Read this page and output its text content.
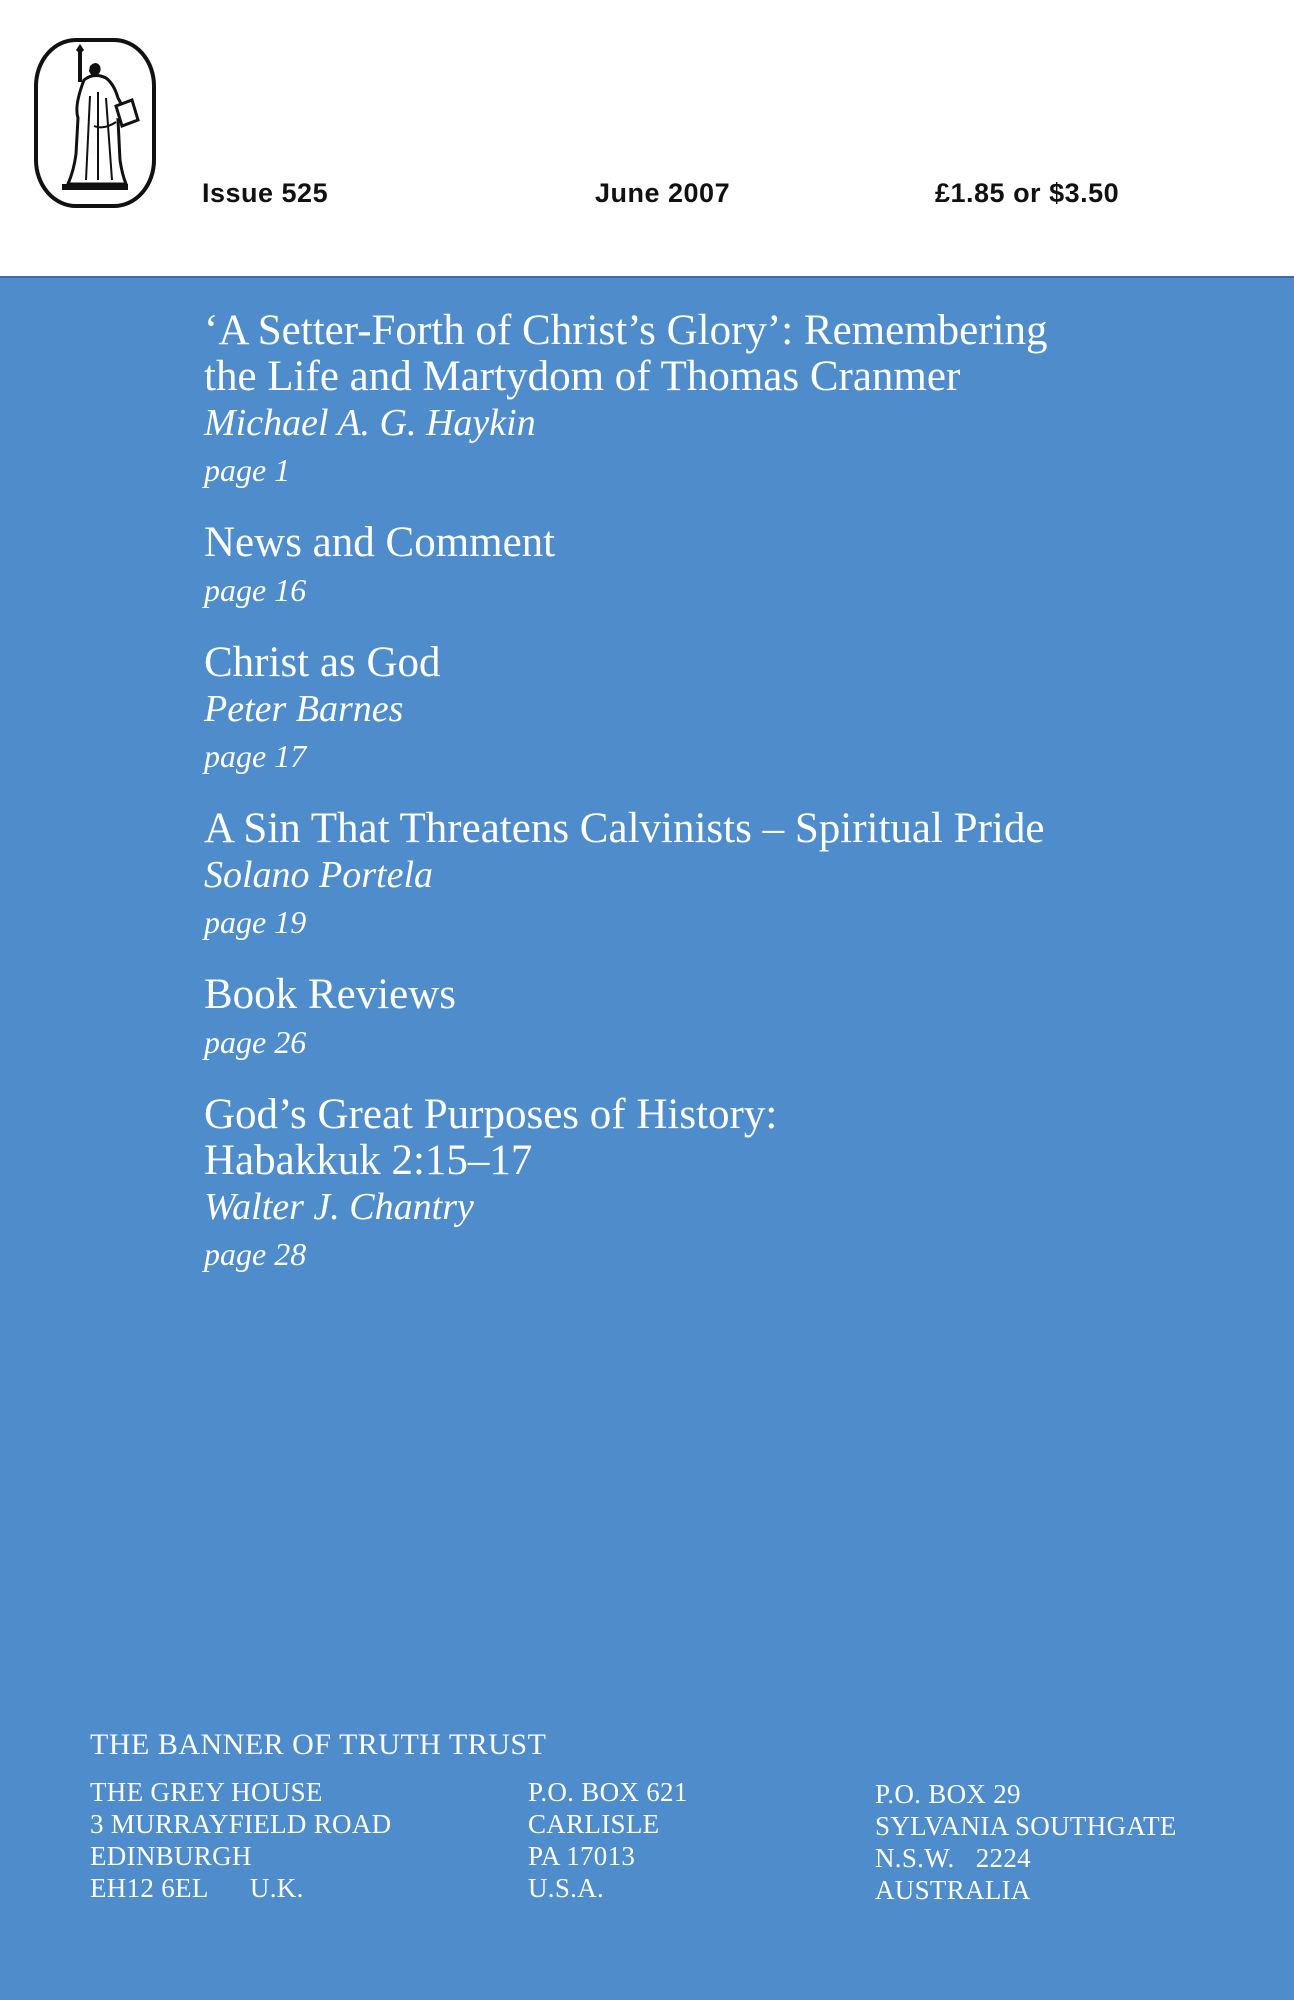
Issue 525	June 2007	£1.85 or $3.50
‘A Setter-Forth of Christ’s Glory’: Remembering
the Life and Martydom of Thomas Cranmer
Michael A. G. Haykin
page 1
News and Comment
page 16
Christ as God
Peter Barnes
page 17
A Sin That Threatens Calvinists – Spiritual Pride
Solano Portela
page 19
Book Reviews
page 26
God’s Great Purposes of History:
Habakkuk 2:15–17
Walter J. Chantry
page 28
THE BANNER OF TRUTH TRUST
THE GREY HOUSE
3 MURRAYFIELD ROAD
EDINBURGH
EH12 6EL      U.K.
P.O. BOX 621
CARLISLE
PA 17013
U.S.A.
P.O. BOX 29
SYLVANIA SOUTHGATE
N.S.W.   2224
AUSTRALIA
